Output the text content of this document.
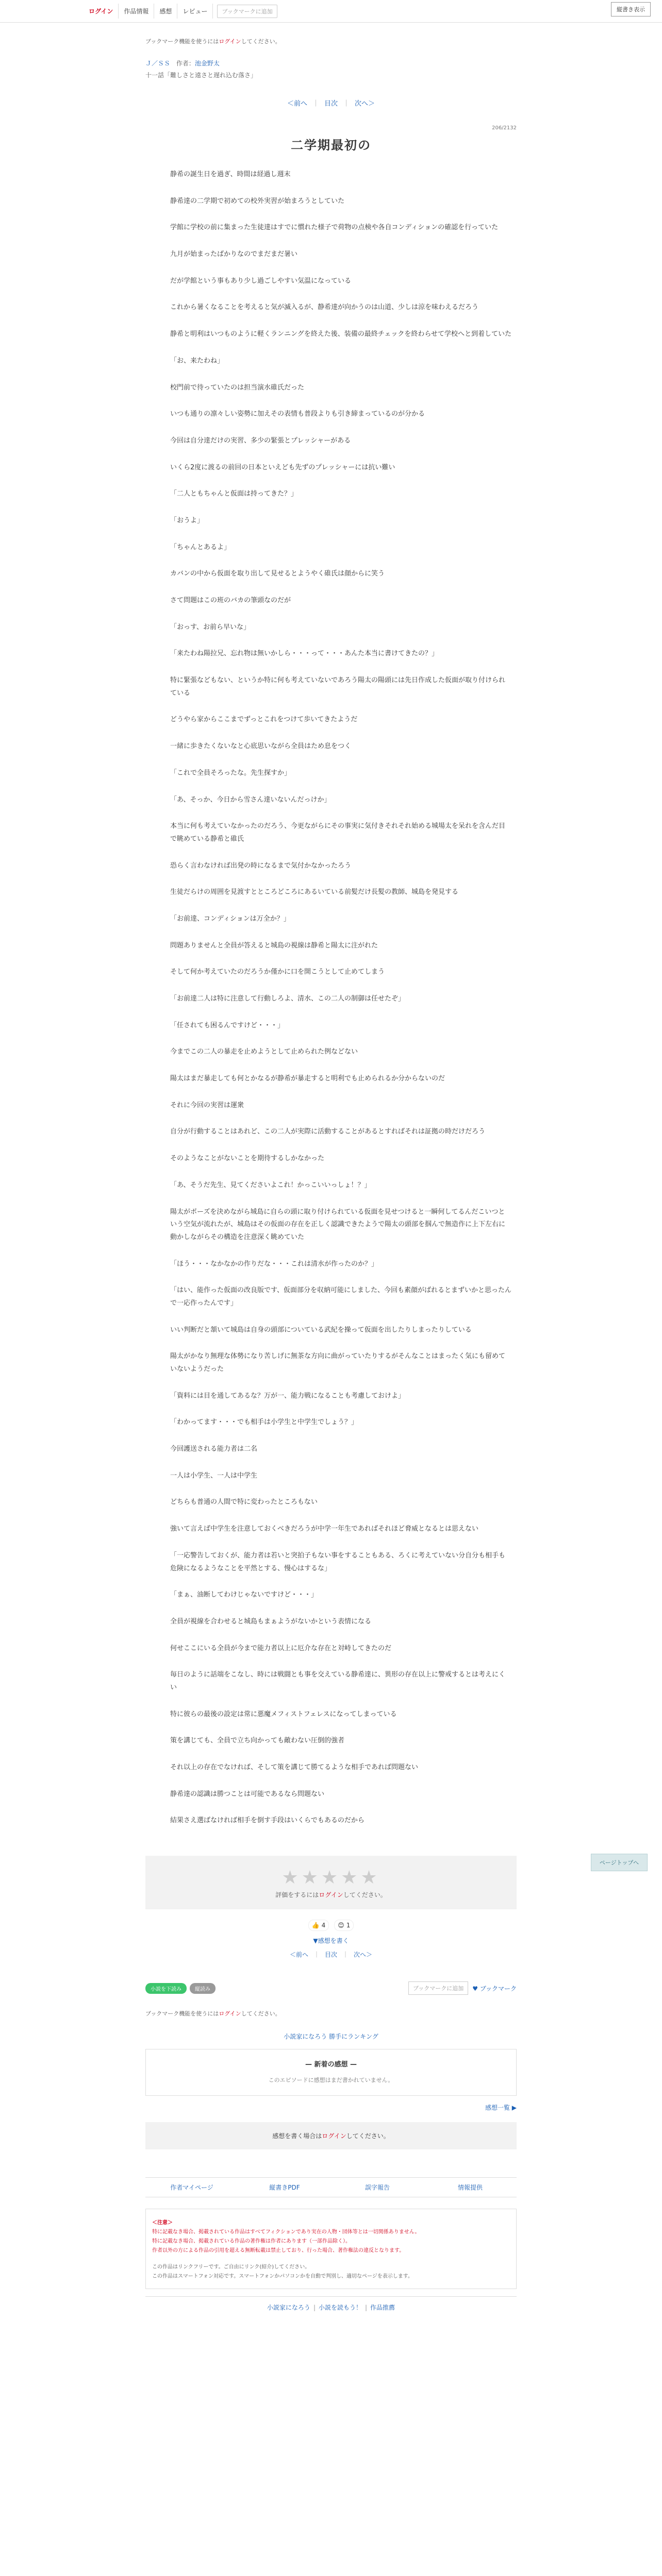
ログイン	作品情報	感想	レビュー	ブックマークに追加	縦書き表示
ブックマーク機能を使うにはログインしてください。
Ｊ／ＳＳ 作者：池金野太
十一話「難しさと遠さと遅れ込む落さ」
＜前へ ｜ 目次 ｜ 次へ＞
206/2132
二学期最初の

静希の誕生日を過ぎ、時間は経過し週末

静希達の二学期で初めての校外実習が始まろうとしていた

学館に学校の前に集まった生徒達はすでに慣れた様子で荷物の点検や各自コンディションの確認を行っていた

九月が始まったばかりなのでまだまだ暑い

だが学館という事もあり少し過ごしやすい気温になっている

これから暑くなることを考えると気が滅入るが、静希達が向かうのは山道、少しは涼を味わえるだろう

静希と明利はいつものように軽くランニングを終えた後、装備の最終チェックを終わらせて学校へと到着していた

「お、来たわね」

校門前で待っていたのは担当演水碓氏だった

いつも通りの凛々しい姿勢に加えその表情も普段よりも引き締まっているのが分かる

今回は自分達だけの実習、多少の緊張とプレッシャーがある

いくら2度に渡るの前回の日本といえども先ずのプレッシャーには抗い難い

「二人ともちゃんと仮面は持ってきた？」

「おうよ」

「ちゃんとあるよ」

カバンの中から仮面を取り出して見せるとようやく碓氏は顔からに笑う

さて問題はこの班のバカの筆頭なのだが

「おっす、お前ら早いな」

「来たわね陽拉兄、忘れ物は無いかしら・・・って・・・あんた本当に書けてきたの？」

特に緊張などもない、というか特に何も考えていないであろう陽太の陽頭には先日作成した仮面が取り付けられている

どうやら家からここまでずっとこれをつけて歩いてきたようだ

一緒に歩きたくないなと心底思いながら全員はため息をつく

「これで全員そろったな。先生探すか」

「あ、そっか、今日から雪さん達いないんだっけか」

本当に何も考えていなかったのだろう、今更ながらにその事実に気付きそれそれ始める城場太を呆れを含んだ目で眺めている静希と碓氏

恐らく言わなければ出発の時になるまで気付かなかったろう

生徒だらけの周囲を見渡すとところどころにあるいている前髪だけ長髪の教師、城島を発見する

「お前達、コンディションは万全か？」

問題ありませんと全員が答えると城島の視線は静希と陽太に注がれた

そして何か考えていたのだろうか僅かに口を開こうとして止めてしまう

「お前達二人は特に注意して行動しろよ、清水、この二人の制御は任せたぞ」

「任されても困るんですけど・・・」

今までこの二人の暴走を止めようとして止められた例などない

陽太はまだ暴走しても何とかなるが静希が暴走すると明利でも止められるか分からないのだ

それに今回の実習は運衆

自分が行動することはあれど、この二人が実際に活動することがあるとすればそれは証拠の時だけだろう

そのようなことがないことを期待するしかなかった

「あ、そうだ先生、見てくださいよこれ！かっこいいっしょ！？」

陽太がポーズを決めながら城島に自らの頭に取り付けられている仮面を見せつけると一瞬何してるんだこいつという空気が流れたが、城島はその仮面の存在を正しく認識できたようで陽太の頭部を掴んで無造作に上下左右に動かしながらその構造を注意深く眺めていた

「ほう・・・なかなかの作りだな・・・これは清水が作ったのか？」

「はい、能作った仮面の改良版です、仮面部分を収納可能にしました、今回も素顔がばれるとまずいかと思ったんで一応作ったんです」

いい判断だと頷いて城島は自身の頭部についている武紀を操って仮面を出したりしまったりしている

陽太がかなり無理な体勢になり苦しげに無茶な方向に曲がっていたりするがそんなことはまったく気にも留めていないようだった

「資料には目を通してあるな？万が一、能力戦になることも考慮しておけよ」

「わかってます・・・でも相手は小学生と中学生でしょう？」

今回護送される能力者は二名

一人は小学生、一人は中学生

どちらも普通の人間で特に変わったところもない

強いて言えば中学生を注意しておくべきだろうが中学一年生であればそれほど脅威となるとは思えない

「一応警告しておくが、能力者は若いと突拍子もない事をすることもある、ろくに考えていない分自分も相手も危険になるようなことを平然とする、慢心はするな」

「まぁ、油断してわけじゃないですけど・・・」

全員が視線を合わせると城島もまぁようがないかという表情になる

何せここにいる全員が今まで能力者以上に厄介な存在と対峙してきたのだ

毎日のように話端をこなし、時には戦闘とも事を交えている静希達に、異形の存在以上に警戒するとは考えにくい

特に彼らの最後の設定は常に悪魔メフィストフェレスになってしまっている

策を講じても、全員で立ち向かっても敵わない圧倒的強者

それ以上の存在でなければ、そして策を講じて勝てるような相手であれば問題ない

静希達の認識は勝つことは可能であるなら問題ない

結果さえ選ばなければ相手を倒す手段はいくらでもあるのだから

★★★★★
評価をするにはログインしてください。
👍 4 😊 1
▼感想を書く
＜前へ ｜ 目次 ｜ 次へ＞
小説を下読み	縦読み	ブックマークに追加	♥ ブックマーク
ブックマーク機能を使うにはログインしてください。
小説家になろう 勝手にランキング
— 新着の感想 —
このエピソードに感想はまだ書かれていません。
感想一覧 ▶
感想を書く場合はログインしてください。
作者マイページ	縦書きPDF	誤字報告	情報提供
＜注意＞
特に記載なき場合、掲載されている作品はすべてフィクションであり実在の人物・団体等とは一切関係ありません。
特に記載なき場合、掲載されている作品の著作権は作者にあります（一部作品除く）。
作者以外の方による作品の引用を超える無断転載は禁止しており、行った場合、著作権法の違反となります。
この作品はリンクフリーです。ご自由にリンク(紹介)してください。
この作品はスマートフォン対応です。スマートフォンかパソコンかを自動で判別し、適切なページを表示します。
小説家になろう | 小説を読もう！ | 作品推薦
ページトップへ
